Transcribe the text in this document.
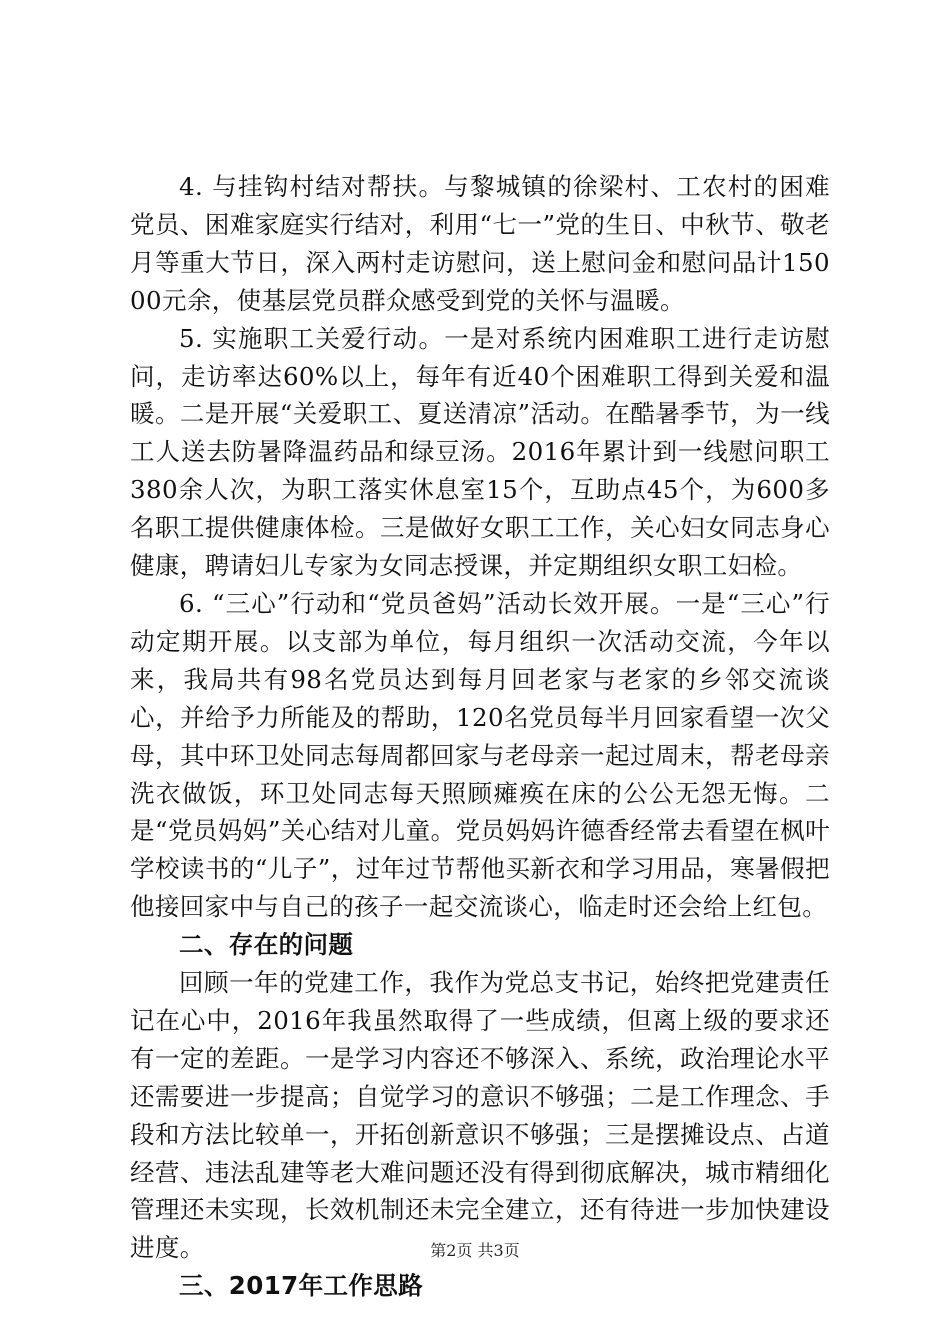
4. 与挂钩村结对帮扶。与黎城镇的徐梁村、工农村的困难党员、困难家庭实行结对，利用“七一”党的生日、中秋节、敬老月等重大节日，深入两村走访慰问，送上慰问金和慰问品计15000元余，使基层党员群众感受到党的关怀与温暖。

5. 实施职工关爱行动。一是对系统内困难职工进行走访慰问，走访率达60%以上，每年有近40个困难职工得到关爱和温暖。二是开展“关爱职工、夏送清凉”活动。在酷暑季节，为一线工人送去防暑降温药品和绿豆汤。2016年累计到一线慰问职工380余人次，为职工落实休息室15个，互助点45个，为600多名职工提供健康体检。三是做好女职工工作，关心妇女同志身心健康，聘请妇儿专家为女同志授课，并定期组织女职工妇检。

6. “三心”行动和“党员爸妈”活动长效开展。一是“三心”行动定期开展。以支部为单位，每月组织一次活动交流，今年以来，我局共有98名党员达到每月回老家与老家的乡邻交流谈心，并给予力所能及的帮助，120名党员每半月回家看望一次父母，其中环卫处同志每周都回家与老母亲一起过周末，帮老母亲洗衣做饭，环卫处同志每天照顾瘫痪在床的公公无怨无悔。二是“党员妈妈”关心结对儿童。党员妈妈许德香经常去看望在枫叶学校读书的“儿子”，过年过节帮他买新衣和学习用品，寒暑假把他接回家中与自己的孩子一起交流谈心，临走时还会给上红包。

二、存在的问题

回顾一年的党建工作，我作为党总支书记，始终把党建责任记在心中，2016年我虽然取得了一些成绩，但离上级的要求还有一定的差距。一是学习内容还不够深入、系统，政治理论水平还需要进一步提高；自觉学习的意识不够强；二是工作理念、手段和方法比较单一，开拓创新意识不够强；三是摆摊设点、占道经营、违法乱建等老大难问题还没有得到彻底解决，城市精细化管理还未实现，长效机制还未完全建立，还有待进一步加快建设进度。

三、2017年工作思路

第2页 共3页
